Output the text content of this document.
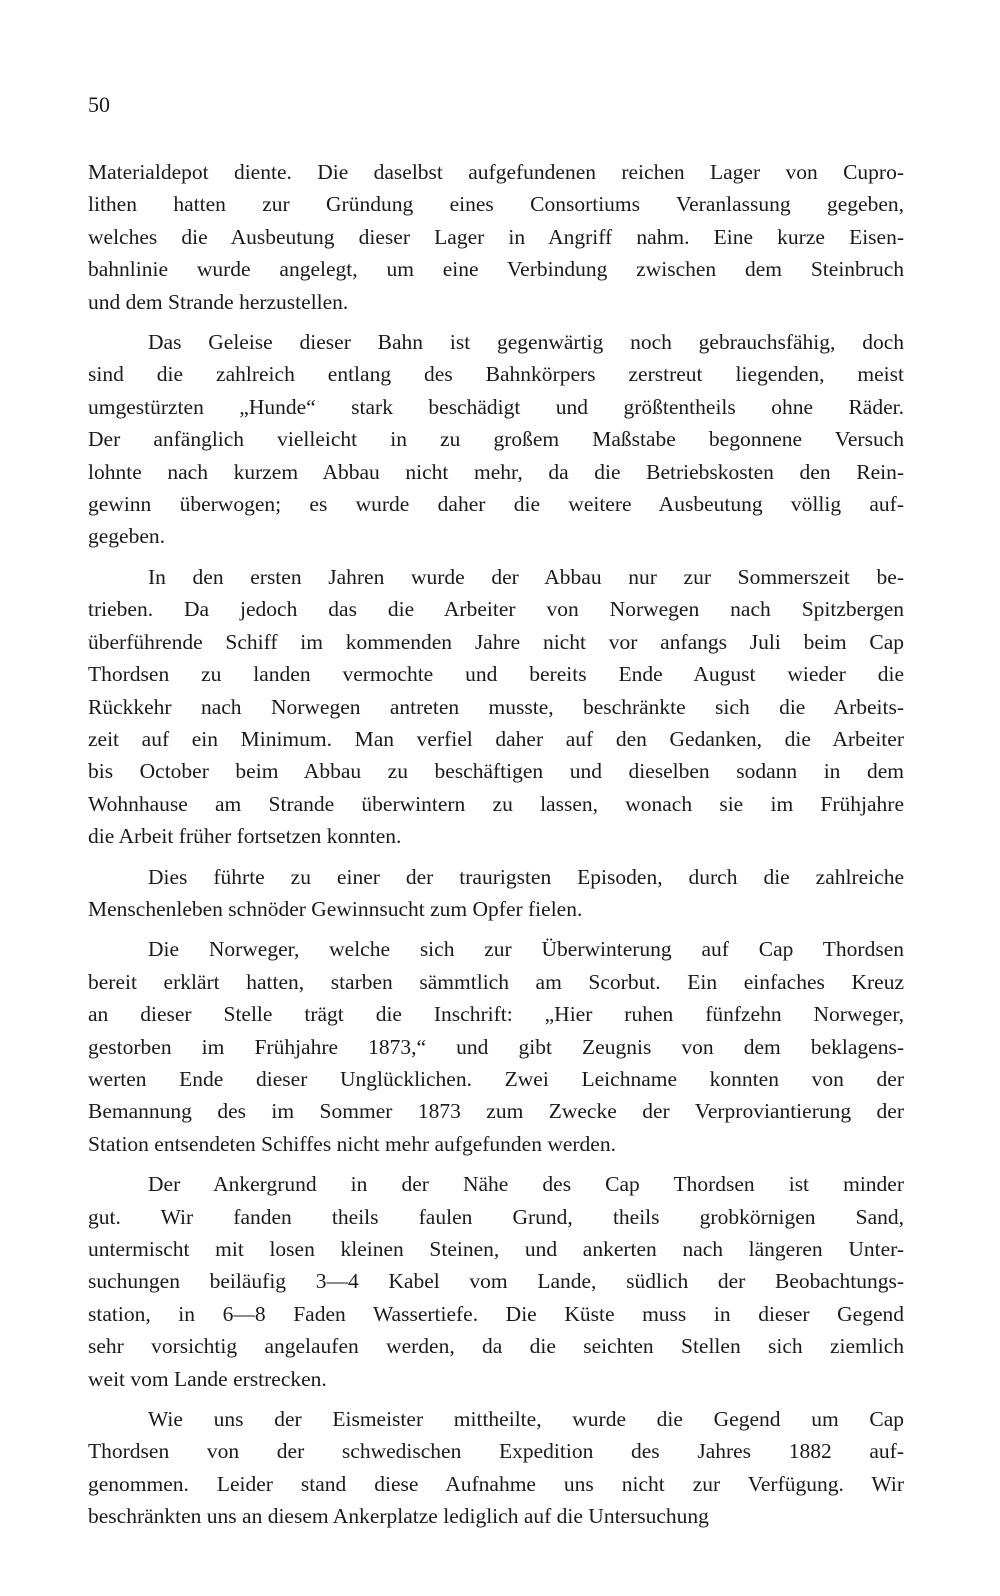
50
Materialdepot diente. Die daselbst aufgefundenen reichen Lager von Cupro-
lithen hatten zur Gründung eines Consortiums Veranlassung gegeben,
welches die Ausbeutung dieser Lager in Angriff nahm. Eine kurze Eisen-
bahnlinie wurde angelegt, um eine Verbindung zwischen dem Steinbruch
und dem Strande herzustellen.
Das Geleise dieser Bahn ist gegenwärtig noch gebrauchsfähig, doch
sind die zahlreich entlang des Bahnkörpers zerstreut liegenden, meist
umgestürzten „Hunde“ stark beschädigt und größtentheils ohne Räder.
Der anfänglich vielleicht in zu großem Maßstabe begonnene Versuch
lohnte nach kurzem Abbau nicht mehr, da die Betriebskosten den Rein-
gewinn überwogen; es wurde daher die weitere Ausbeutung völlig auf-
gegeben.
In den ersten Jahren wurde der Abbau nur zur Sommerszeit be-
trieben. Da jedoch das die Arbeiter von Norwegen nach Spitzbergen
überführende Schiff im kommenden Jahre nicht vor anfangs Juli beim Cap
Thordsen zu landen vermochte und bereits Ende August wieder die
Rückkehr nach Norwegen antreten musste, beschränkte sich die Arbeits-
zeit auf ein Minimum. Man verfiel daher auf den Gedanken, die Arbeiter
bis October beim Abbau zu beschäftigen und dieselben sodann in dem
Wohnhause am Strande überwintern zu lassen, wonach sie im Frühjahre
die Arbeit früher fortsetzen konnten.
Dies führte zu einer der traurigsten Episoden, durch die zahlreiche
Menschenleben schnöder Gewinnsucht zum Opfer fielen.
Die Norweger, welche sich zur Überwinterung auf Cap Thordsen
bereit erklärt hatten, starben sämmtlich am Scorbut. Ein einfaches Kreuz
an dieser Stelle trägt die Inschrift: „Hier ruhen fünfzehn Norweger,
gestorben im Frühjahre 1873,“ und gibt Zeugnis von dem beklagens-
werten Ende dieser Unglücklichen. Zwei Leichname konnten von der
Bemannung des im Sommer 1873 zum Zwecke der Verproviantierung der
Station entsendeten Schiffes nicht mehr aufgefunden werden.
Der Ankergrund in der Nähe des Cap Thordsen ist minder
gut. Wir fanden theils faulen Grund, theils grobkörnigen Sand,
untermischt mit losen kleinen Steinen, und ankerten nach längeren Unter-
suchungen beiläufig 3—4 Kabel vom Lande, südlich der Beobachtungs-
station, in 6—8 Faden Wassertiefe. Die Küste muss in dieser Gegend
sehr vorsichtig angelaufen werden, da die seichten Stellen sich ziemlich
weit vom Lande erstrecken.
Wie uns der Eismeister mittheilte, wurde die Gegend um Cap
Thordsen von der schwedischen Expedition des Jahres 1882 auf-
genommen. Leider stand diese Aufnahme uns nicht zur Verfügung. Wir
beschränkten uns an diesem Ankerplatze lediglich auf die Untersuchung
